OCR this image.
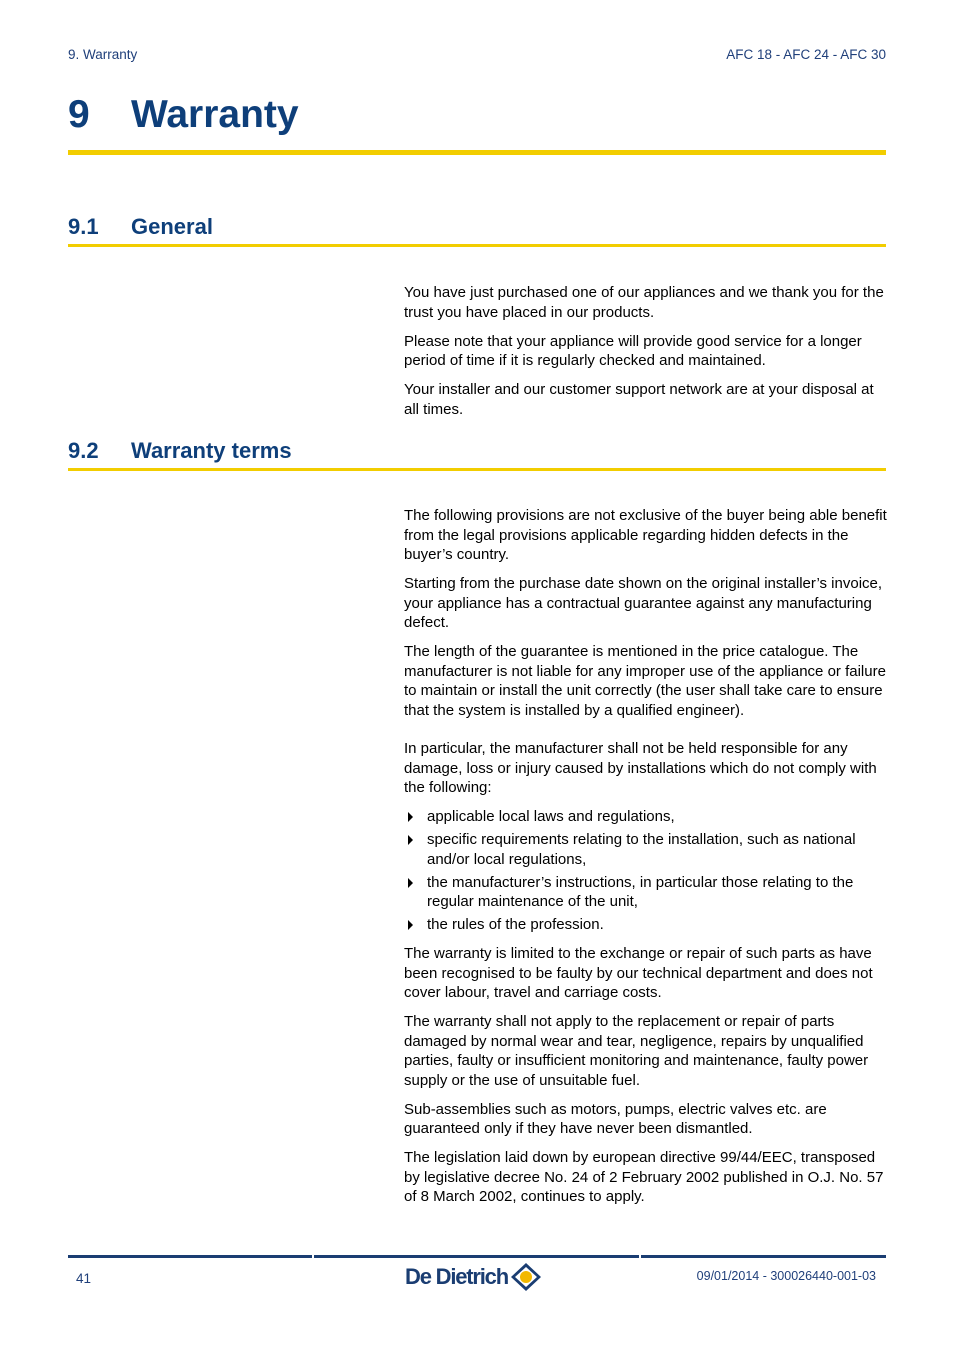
9. Warranty	AFC 18 - AFC 24 - AFC 30
9 Warranty
9.1 General

You have just purchased one of our appliances and we thank you for the trust you have placed in our products.

Please note that your appliance will provide good service for a longer period of time if it is regularly checked and maintained.

Your installer and our customer support network are at your disposal at all times.

9.2 Warranty terms

The following provisions are not exclusive of the buyer being able benefit from the legal provisions applicable regarding hidden defects in the buyer’s country.

Starting from the purchase date shown on the original installer’s invoice, your appliance has a contractual guarantee against any manufacturing defect.

The length of the guarantee is mentioned in the price catalogue. The manufacturer is not liable for any improper use of the appliance or failure to maintain or install the unit correctly (the user shall take care to ensure that the system is installed by a qualified engineer).

In particular, the manufacturer shall not be held responsible for any damage, loss or injury caused by installations which do not comply with the following:

applicable local laws and regulations,
specific requirements relating to the installation, such as national and/or local regulations,
the manufacturer’s instructions, in particular those relating to the regular maintenance of the unit,
the rules of the profession.

The warranty is limited to the exchange or repair of such parts as have been recognised to be faulty by our technical department and does not cover labour, travel and carriage costs.

The warranty shall not apply to the replacement or repair of parts damaged by normal wear and tear, negligence, repairs by unqualified parties, faulty or insufficient monitoring and maintenance, faulty power supply or the use of unsuitable fuel.

Sub-assemblies such as motors, pumps, electric valves etc. are guaranteed only if they have never been dismantled.

The legislation laid down by european directive 99/44/EEC, transposed by legislative decree No. 24 of 2 February 2002 published in O.J. No. 57 of 8 March 2002, continues to apply.

41	De Dietrich	09/01/2014 - 300026440-001-03
